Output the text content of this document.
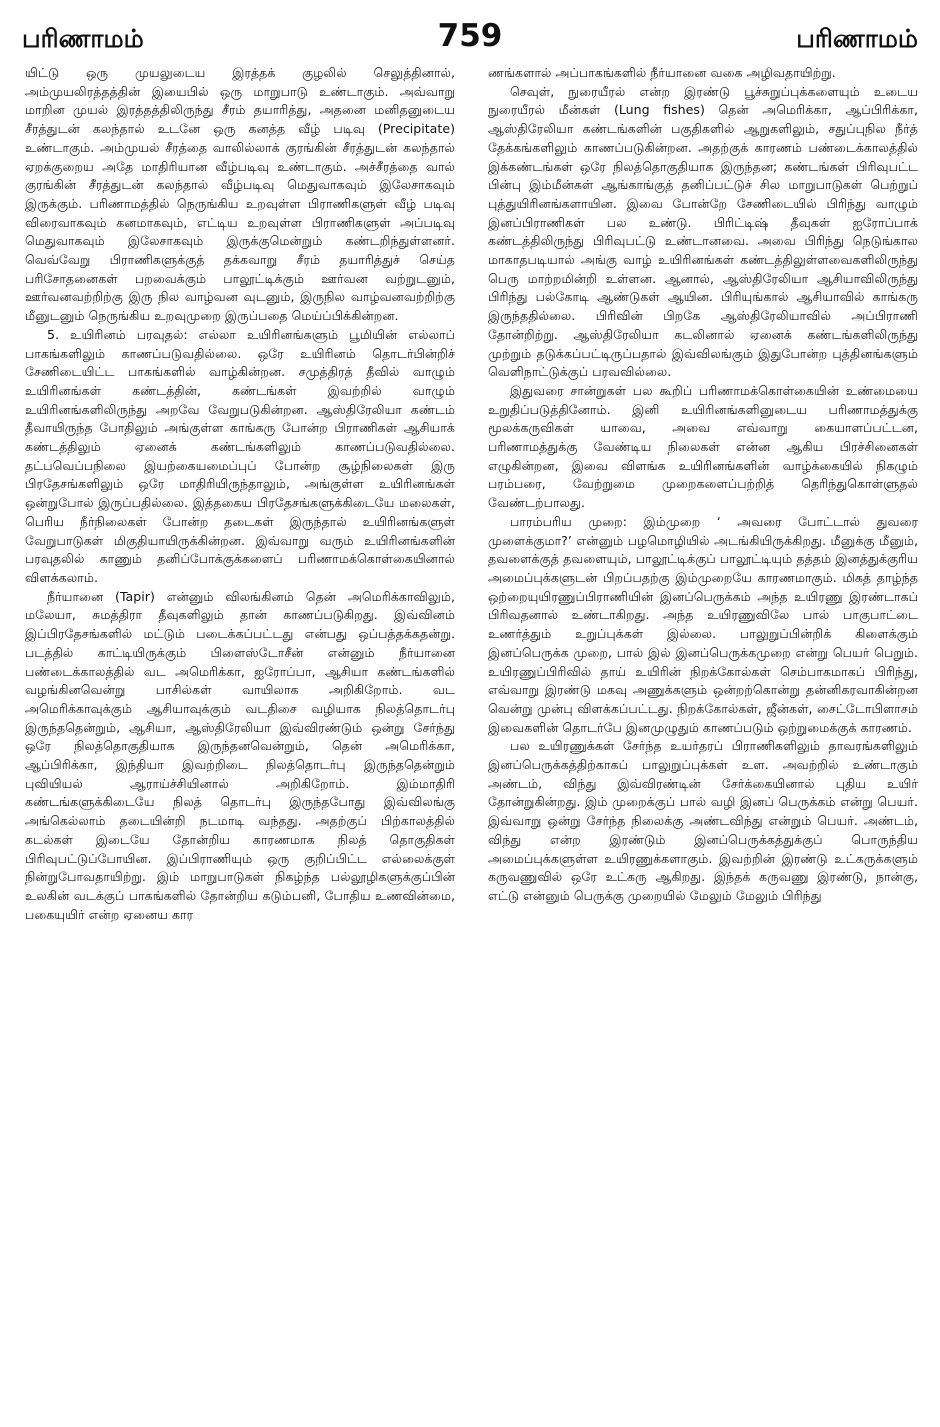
பரிணாமம்	759	பரிணாமம்

யிட்டு ஒரு முயலுடைய இரத்தக் குழலில் செலுத்தினால், அம்முயலிரத்தத்தின் இயைபில் ஒரு மாறுபாடு உண்டாகும். அவ்வாறு மாறின முயல் இரத்தத்திலிருந்து சீரம் தயாரித்து, அதனை மனிதனுடைய சீரத்துடன் கலந்தால் உடனே ஒரு கனத்த வீழ் படிவு (Precipitate) உண்டாகும். அம்முயல் சீரத்தை வாலில்லாக் குரங்கின் சீரத்துடன் கலந்தால் ஏறக்குறைய அதே மாதிரியான வீழ்படிவு உண்டாகும். அச்சீரத்தை வால் குரங்கின் சீரத்துடன் கலந்தால் வீழ்படிவு மெதுவாகவும் இலேசாகவும் இருக்கும். பரிணாமத்தில் நெருங்கிய உறவுள்ள பிராணிகளுள் வீழ் படிவு விரைவாகவும் கனமாகவும், எட்டிய உறவுள்ள பிராணிகளுள் அப்படிவு மெதுவாகவும் இலேசாகவும் இருக்குமென்றும் கண்டறிந்துள்ளனர். வெவ்வேறு பிராணிகளுக்குத் தக்கவாறு சீரம் தயாரித்துச் செய்த பரிசோதனைகள் பறவைக்கும் பாலூட்டிக்கும் ஊர்வன வற்றுடனும், ஊர்வனவற்றிற்கு இரு நில வாழ்வன வுடனும், இருநில வாழ்வனவற்றிற்கு மீனுடனும் நெருங்கிய உறவுமுறை இருப்பதை மெய்ப்பிக்கின்றன.

5. உயிரினம் பரவுதல்: எல்லா உயிரினங்களும் பூமியின் எல்லாப் பாகங்களிலும் காணப்படுவதில்லை. ஒரே உயிரினம் தொடர்பின்றிச் சேணிடையிட்ட பாகங்களில் வாழ்கின்றன. சமுத்திரத் தீவில் வாழும் உயிரினங்கள் கண்டத்தின், கண்டங்கள் இவற்றில் வாழும் உயிரினங்களிலிருந்து அறவே வேறுபடுகின்றன. ஆஸ்திரேலியா கண்டம் தீவாயிருந்த போதிலும் அங்குள்ள காங்கரு போன்ற பிராணிகள் ஆசியாக் கண்டத்திலும் ஏனைக் கண்டங்களிலும் காணப்படுவதில்லை. தட்பவெப்பநிலை இயற்கையமைப்புப் போன்ற சூழ்நிலைகள் இரு பிரதேசங்களிலும் ஒரே மாதிரியிருந்தாலும், அங்குள்ள உயிரினங்கள் ஒன்றுபோல் இருப்பதில்லை. இத்தகைய பிரதேசங்களுக்கிடையே மலைகள், பெரிய நீர்நிலைகள் போன்ற தடைகள் இருந்தால் உயிரினங்களுள் வேறுபாடுகள் மிகுதியாயிருக்கின்றன. இவ்வாறு வரும் உயிரினங்களின் பரவுதலில் காணும் தனிப்போக்குக்களைப் பரிணாமக்கொள்கையினால் விளக்கலாம்.

நீர்யானை (Tapir) என்னும் விலங்கினம் தென் அமெரிக்காவிலும், மலேயா, சுமத்திரா தீவுகளிலும் தான் காணப்படுகிறது. இவ்வினம் இப்பிரதேசங்களில் மட்டும் படைக்கப்பட்டது என்பது ஒப்பத்தக்கதன்று. படத்தில் காட்டியிருக்கும் பிளைஸ்டோசீன் என்னும் நீர்யானை பண்டைக்காலத்தில் வட அமெரிக்கா, ஐரோப்பா, ஆசியா கண்டங்களில் வழங்கினவென்று பாசில்கள் வாயிலாக அறிகிறோம். வட அமெரிக்காவுக்கும் ஆசியாவுக்கும் வடதிசை வழியாக நிலத்தொடர்பு இருந்ததென்றும், ஆசியா, ஆஸ்திரேலியா இவ்விரண்டும் ஒன்று சேர்ந்து ஒரே நிலத்தொகுதியாக இருந்தனவென்றும், தென் அமெரிக்கா, ஆப்பிரிக்கா, இந்தியா இவற்றிடை நிலத்தொடர்பு இருந்ததென்றும் புவியியல் ஆராய்ச்சியினால் அறிகிறோம். இம்மாதிரி கண்டங்களுக்கிடையே நிலத் தொடர்பு இருந்தபோது இவ்விலங்கு அங்கெல்லாம் தடையின்றி நடமாடி வந்தது. அதற்குப் பிற்காலத்தில் கடல்கள் இடையே தோன்றிய காரணமாக நிலத் தொகுதிகள் பிரிவுபட்டுப்போயின. இப்பிராணியும் ஒரு குறிப்பிட்ட எல்லைக்குள் நின்றுபோவதாயிற்று. இம் மாறுபாடுகள் நிகழ்ந்த பல்லூழிகளுக்குப்பின் உலகின் வடக்குப் பாகங்களில் தோன்றிய கடும்பனி, போதிய உணவின்மை, பகையுயிர் என்ற ஏனைய கார

ணங்களால் அப்பாகங்களில் நீர்யானை வகை அழிவதாயிற்று.

செவுள், நுரையீரல் என்ற இரண்டு பூச்சுறுப்புக்களையும் உடைய நுரையீரல் மீன்கள் (Lung fishes) தென் அமெரிக்கா, ஆப்பிரிக்கா, ஆஸ்திரேலியா கண்டங்களின் பகுதிகளில் ஆறுகளிலும், சதுப்புநில நீர்த் தேக்கங்களிலும் காணப்படுகின்றன. அதற்குக் காரணம் பண்டைக்காலத்தில் இக்கண்டங்கள் ஒரே நிலத்தொகுதியாக இருந்தன; கண்டங்கள் பிரிவுபட்ட பின்பு இம்மீன்கள் ஆங்காங்குத் தனிப்பட்டுச் சில மாறுபாடுகள் பெற்றுப் புத்துயிரினங்களாயின. இவை போன்றே சேணிடையில் பிரிந்து வாழும் இனப்பிராணிகள் பல உண்டு. பிரிட்டிஷ் தீவுகள் ஐரோப்பாக் கண்டத்திலிருந்து பிரிவுபட்டு உண்டானவை. அவை பிரிந்து நெடுங்கால மாகாதபடியால் அங்கு வாழ் உயிரினங்கள் கண்டத்திலுள்ளவைகளிலிருந்து பெரு மாற்றமின்றி உள்ளன. ஆனால், ஆஸ்திரேலியா ஆசியாவிலிருந்து பிரிந்து பல்கோடி ஆண்டுகள் ஆயின. பிரியுங்கால் ஆசியாவில் காங்கரு இருந்ததில்லை. பிரிவின் பிறகே ஆஸ்திரேலியாவில் அப்பிராணி தோன்றிற்று. ஆஸ்திரேலியா கடலினால் ஏனைக் கண்டங்களிலிருந்து முற்றும் தடுக்கப்பட்டிருப்பதால் இவ்விலங்கும் இதுபோன்ற புத்தினங்களும் வெளிநாட்டுக்குப் பரவவில்லை.

இதுவரை சான்றுகள் பல கூறிப் பரிணாமக்கொள்கையின் உண்மையை உறுதிப்படுத்தினோம். இனி உயிரினங்களினுடைய பரிணாமத்துக்கு மூலக்கருவிகள் யாவை, அவை எவ்வாறு கையாளப்பட்டன, பரிணாமத்துக்கு வேண்டிய நிலைகள் என்ன ஆகிய பிரச்சினைகள் எழுகின்றன, இவை விளங்க உயிரினங்களின் வாழ்க்கையில் நிகழும் பரம்பரை, வேற்றுமை முறைகளைப்பற்றித் தெரிந்துகொள்ளுதல் வேண்டற்பாலது.

பாரம்பரிய முறை: இம்முறை ‘ அவரை போட்டால் துவரை முளைக்குமா?’ என்னும் பழமொழியில் அடங்கியிருக்கிறது. மீனுக்கு மீனும், தவளைக்குத் தவளையும், பாலூட்டிக்குப் பாலூட்டியும் தத்தம் இனத்துக்குரிய அமைப்புக்களுடன் பிறப்பதற்கு இம்முறையே காரணமாகும். மிகத் தாழ்ந்த ஒற்றையுயிரணுப்பிராணியின் இனப்பெருக்கம் அந்த உயிரணு இரண்டாகப் பிரிவதனால் உண்டாகிறது. அந்த உயிரணுவிலே பால் பாகுபாட்டை உணர்த்தும் உறுப்புக்கள் இல்லை. பாலுறுப்பின்றிக் கிளைக்கும் இனப்பெருக்க முறை, பால் இல் இனப்பெருக்கமுறை என்று பெயர் பெறும். உயிரணுப்பிரிவில் தாய் உயிரின் நிறக்கோல்கள் செம்பாகமாகப் பிரிந்து, எவ்வாறு இரண்டு மகவு அணுக்களும் ஒன்றற்கொன்று தன்னிகரவாகின்றன வென்று முன்பு விளக்கப்பட்டது. நிறக்கோல்கள், ஜீன்கள், சைட்டோபிளாசம் இவைகளின் தொடர்பே இனமுழுதும் காணப்படும் ஒற்றுமைக்குக் காரணம்.

பல உயிரணுக்கள் சேர்ந்த உயர்தரப் பிராணிகளிலும் தாவரங்களிலும் இனப்பெருக்கத்திற்காகப் பாலுறுப்புக்கள் உள. அவற்றில் உண்டாகும் அண்டம், விந்து இவ்விரண்டின் சேர்க்கையினால் புதிய உயிர் தோன்றுகின்றது. இம் முறைக்குப் பால் வழி இனப் பெருக்கம் என்று பெயர். இவ்வாறு ஒன்று சேர்ந்த நிலைக்கு அண்டவிந்து என்றும் பெயர். அண்டம், விந்து என்ற இரண்டும் இனப்பெருக்கத்துக்குப் பொருந்திய அமைப்புக்களுள்ள உயிரணுக்களாகும். இவற்றின் இரண்டு உட்கருக்களும் கருவணுவில் ஒரே உட்கரு ஆகிறது. இந்தக் கருவணு இரண்டு, நான்கு, எட்டு என்னும் பெருக்கு முறையில் மேலும் மேலும் பிரிந்து
